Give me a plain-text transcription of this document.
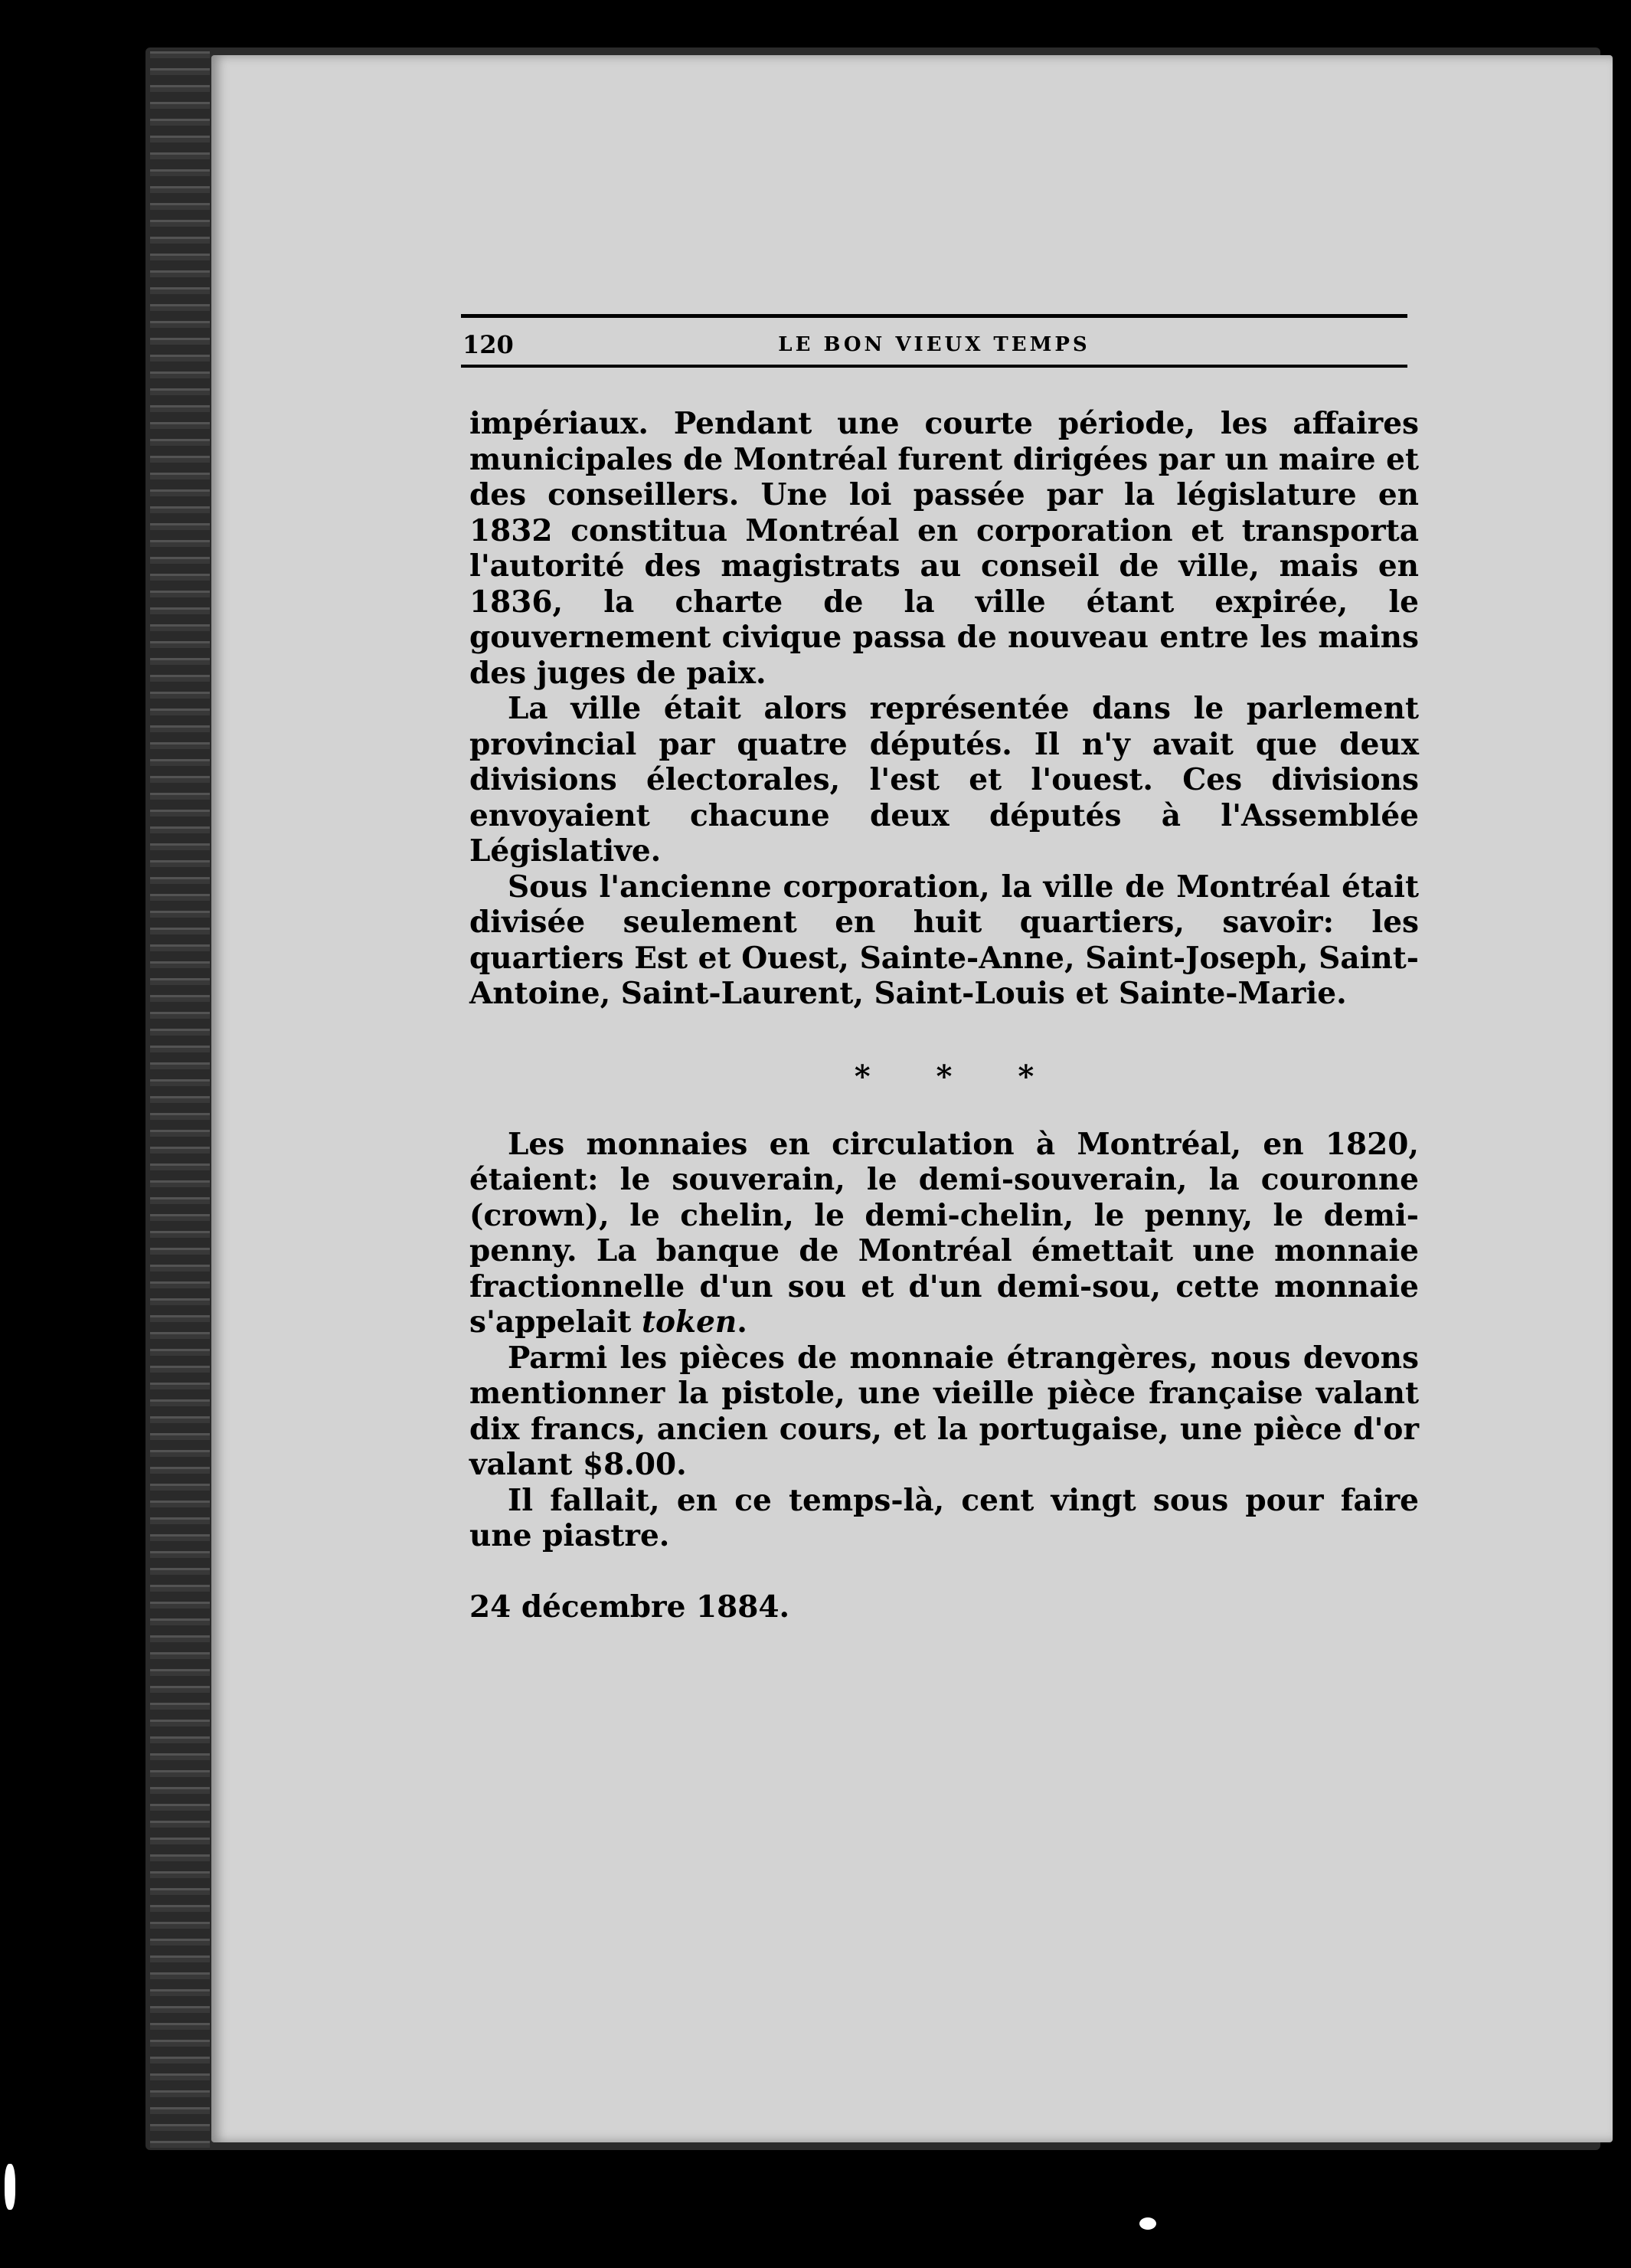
120	LE BON VIEUX TEMPS

impériaux. Pendant une courte période, les affaires municipales de Montréal furent dirigées par un maire et des conseillers. Une loi passée par la législature en 1832 constitua Montréal en corporation et transporta l'autorité des magistrats au conseil de ville, mais en 1836, la charte de la ville étant expirée, le gouvernement civique passa de nouveau entre les mains des juges de paix.

La ville était alors représentée dans le parlement provincial par quatre députés. Il n'y avait que deux divisions électorales, l'est et l'ouest. Ces divisions envoyaient chacune deux députés à l'Assemblée Législative.

Sous l'ancienne corporation, la ville de Montréal était divisée seulement en huit quartiers, savoir: les quartiers Est et Ouest, Sainte-Anne, Saint-Joseph, Saint-Antoine, Saint-Laurent, Saint-Louis et Sainte-Marie.

* * *

Les monnaies en circulation à Montréal, en 1820, étaient: le souverain, le demi-souverain, la couronne (crown), le chelin, le demi-chelin, le penny, le demi-penny. La banque de Montréal émettait une monnaie fractionnelle d'un sou et d'un demi-sou, cette monnaie s'appelait token.

Parmi les pièces de monnaie étrangères, nous devons mentionner la pistole, une vieille pièce française valant dix francs, ancien cours, et la portugaise, une pièce d'or valant $8.00.

Il fallait, en ce temps-là, cent vingt sous pour faire une piastre.

24 décembre 1884.
